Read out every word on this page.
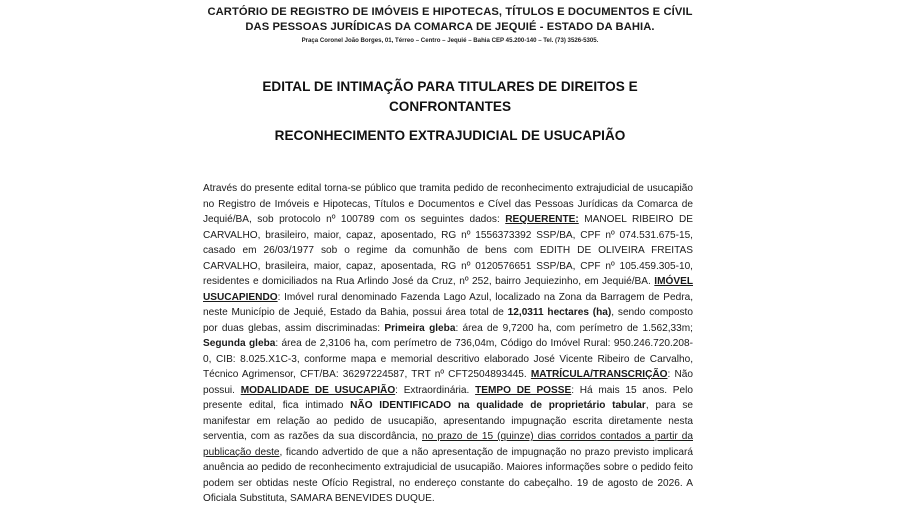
CARTÓRIO DE REGISTRO DE IMÓVEIS E HIPOTECAS, TÍTULOS E DOCUMENTOS E CÍVIL
DAS PESSOAS JURÍDICAS DA COMARCA DE JEQUIÉ - ESTADO DA BAHIA.
Praça Coronel João Borges, 01, Térreo – Centro – Jequié – Bahia CEP 45.200-140 – Tel. (73) 3526-5305.
EDITAL DE INTIMAÇÃO PARA TITULARES DE DIREITOS E
CONFRONTANTES
RECONHECIMENTO EXTRAJUDICIAL DE USUCAPIÃO
Através do presente edital torna-se público que tramita pedido de reconhecimento extrajudicial de usucapião no Registro de Imóveis e Hipotecas, Títulos e Documentos e Cível das Pessoas Jurídicas da Comarca de Jequié/BA, sob protocolo nº 100789 com os seguintes dados: REQUERENTE: MANOEL RIBEIRO DE CARVALHO, brasileiro, maior, capaz, aposentado, RG nº 1556373392 SSP/BA, CPF nº 074.531.675-15, casado em 26/03/1977 sob o regime da comunhão de bens com EDITH DE OLIVEIRA FREITAS CARVALHO, brasileira, maior, capaz, aposentada, RG nº 0120576651 SSP/BA, CPF nº 105.459.305-10, residentes e domiciliados na Rua Arlindo José da Cruz, nº 252, bairro Jequiezinho, em Jequié/BA. IMÓVEL USUCAPIENDO: Imóvel rural denominado Fazenda Lago Azul, localizado na Zona da Barragem de Pedra, neste Município de Jequié, Estado da Bahia, possui área total de 12,0311 hectares (ha), sendo composto por duas glebas, assim discriminadas: Primeira gleba: área de 9,7200 ha, com perímetro de 1.562,33m; Segunda gleba: área de 2,3106 ha, com perímetro de 736,04m, Código do Imóvel Rural: 950.246.720.208-0, CIB: 8.025.X1C-3, conforme mapa e memorial descritivo elaborado José Vicente Ribeiro de Carvalho, Técnico Agrimensor, CFT/BA: 36297224587, TRT nº CFT2504893445. MATRÍCULA/TRANSCRIÇÃO: Não possui. MODALIDADE DE USUCAPIÃO: Extraordinária. TEMPO DE POSSE: Há mais 15 anos. Pelo presente edital, fica intimado NÃO IDENTIFICADO na qualidade de proprietário tabular, para se manifestar em relação ao pedido de usucapião, apresentando impugnação escrita diretamente nesta serventia, com as razões da sua discordância, no prazo de 15 (quinze) dias corridos contados a partir da publicação deste, ficando advertido de que a não apresentação de impugnação no prazo previsto implicará anuência ao pedido de reconhecimento extrajudicial de usucapião. Maiores informações sobre o pedido feito podem ser obtidas neste Ofício Registral, no endereço constante do cabeçalho. 19 de agosto de 2026. A Oficiala Substituta, SAMARA BENEVIDES DUQUE.
